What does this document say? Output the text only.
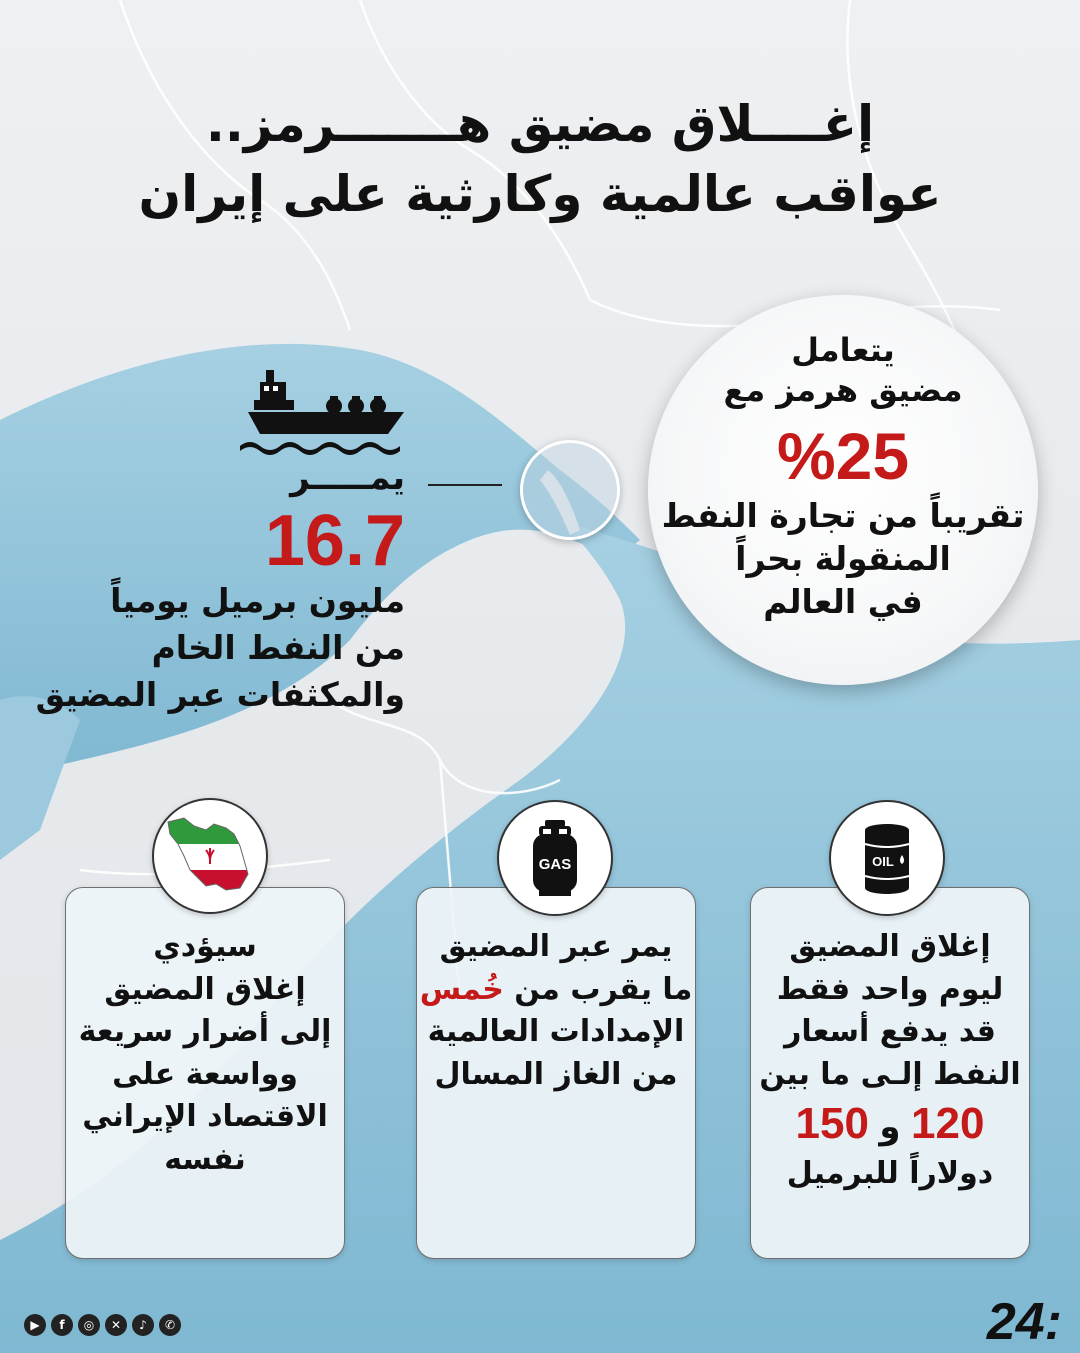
إغــــلاق مضيق هـــــــرمز..
عواقب عالمية وكارثية على إيران
يتعامل
مضيق هرمز مع
%25
تقريباً من تجارة النفط
المنقولة بحراً
في العالم
يمـــــر
16.7
مليون برميل يومياً
من النفط الخام
والمكثفات عبر المضيق
إغلاق المضيق
ليوم واحد فقط
قد يدفع أسعار
النفط إلـى ما بين
120 و 150
دولاراً للبرميل
يمر عبر المضيق
ما يقرب من خُمس
الإمدادات العالمية
من الغاز المسال
سيؤدي
إغلاق المضيق
إلى أضرار سريعة
وواسعة على
الاقتصاد الإيراني
نفسه
OIL
GAS
24:
▶	f	◎	✕	♪	✆
